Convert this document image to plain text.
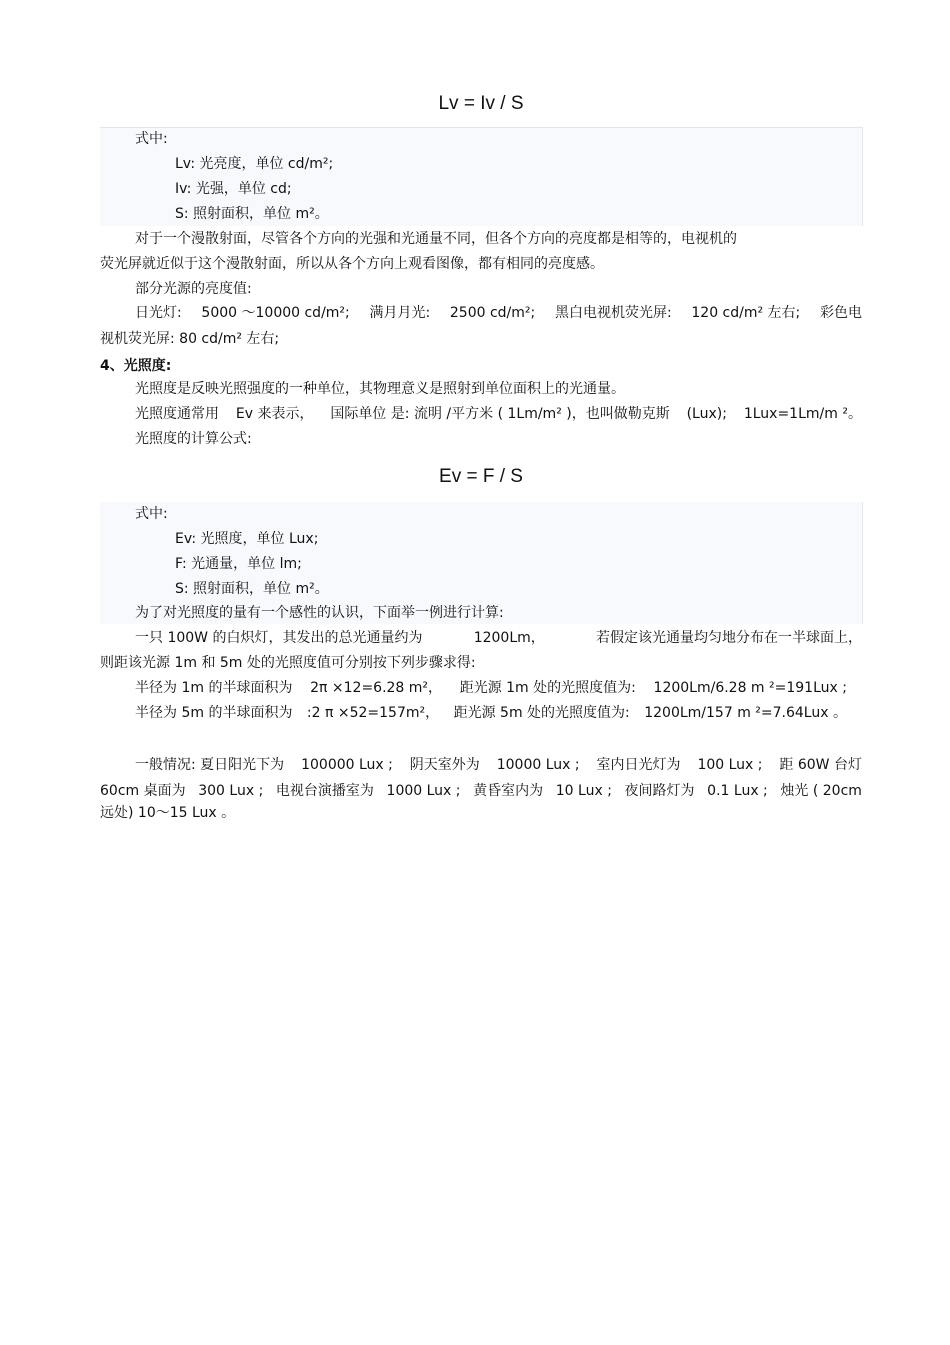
Lv = Iv / S
式中:
Lv: 光亮度，单位 cd/m²;
Iv: 光强，单位 cd;
S: 照射面积，单位 m²。
对于一个漫散射面，尽管各个方向的光强和光通量不同，但各个方向的亮度都是相等的，电视机的
荧光屏就近似于这个漫散射面，所以从各个方向上观看图像，都有相同的亮度感。
部分光源的亮度值:
日光灯: 5000 ～10000 cd/m²; 满月月光: 2500 cd/m²; 黑白电视机荧光屏: 120 cd/m² 左右; 彩色电
视机荧光屏: 80 cd/m² 左右;
4、光照度:
光照度是反映光照强度的一种单位，其物理意义是照射到单位面积上的光通量。
光照度通常用 Ev 来表示， 国际单位 是: 流明 /平方米 ( 1Lm/m² )，也叫做勒克斯 (Lux); 1Lux=1Lm/m ²。
光照度的计算公式:
Ev = F / S
式中:
Ev: 光照度，单位 Lux;
F: 光通量，单位 lm;
S: 照射面积，单位 m²。
为了对光照度的量有一个感性的认识，下面举一例进行计算:
一只 100W 的白炽灯，其发出的总光通量约为	1200Lm，	若假定该光通量均匀地分布在一半球面上，
则距该光源 1m 和 5m 处的光照度值可分别按下列步骤求得:
半径为 1m 的半球面积为 2π ×12=6.28 m²， 距光源 1m 处的光照度值为: 1200Lm/6.28 m ²=191Lux ;
半径为 5m 的半球面积为 :2 π ×52=157m²， 距光源 5m 处的光照度值为: 1200Lm/157 m ²=7.64Lux 。
一般情况: 夏日阳光下为 100000 Lux ; 阴天室外为 10000 Lux ; 室内日光灯为 100 Lux ; 距 60W 台灯
60cm 桌面为 300 Lux ; 电视台演播室为 1000 Lux ; 黄昏室内为 10 Lux ; 夜间路灯为 0.1 Lux ; 烛光 ( 20cm
远处) 10～15 Lux 。
